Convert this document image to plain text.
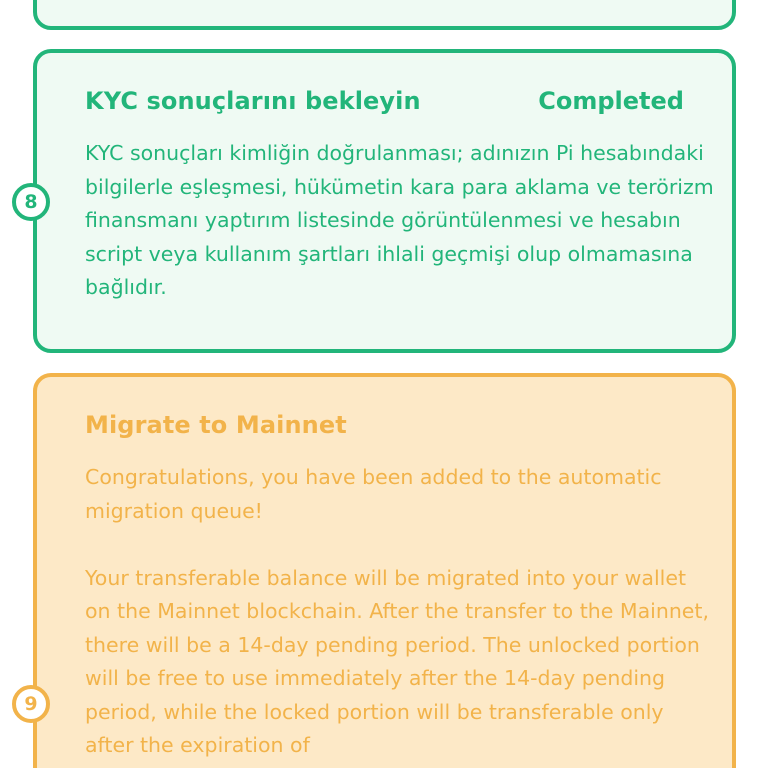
KYC sonuçlarını bekleyin	Completed
KYC sonuçları kimliğin doğrulanması; adınızın Pi hesabındaki bilgilerle eşleşmesi, hükümetin kara para aklama ve terörizm finansmanı yaptırım listesinde görüntülenmesi ve hesabın script veya kullanım şartları ihlali geçmişi olup olmamasına bağlıdır.
8
Migrate to Mainnet
Congratulations, you have been added to the automatic migration queue!
Your transferable balance will be migrated into your wallet on the Mainnet blockchain. After the transfer to the Mainnet, there will be a 14-day pending period. The unlocked portion will be free to use immediately after the 14-day pending period, while the locked portion will be transferable only after the expiration of
9
